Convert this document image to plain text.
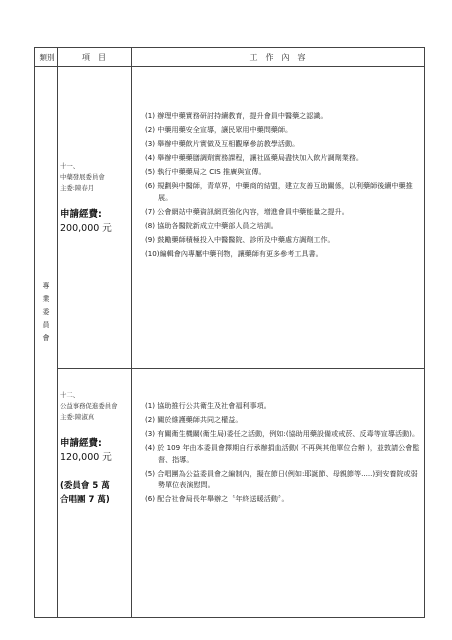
類別	項　目	工　作　內　容
專
業
委
員
會
十一、
中藥發展委員會
主委:陳春月
申請經費:
200,000 元
(1) 辦理中藥實務研討持續教育，提升會員中醫藥之認識。
(2) 中藥用藥安全宣導，讓民眾用中藥問藥師。
(3) 舉辦中藥飲片實做及互相觀摩參訪教學活動。
(4) 舉辦中藥藥膳調劑實務課程，讓社區藥局盡快加入飲片調劑業務。
(5) 執行中藥藥局之 CIS 推廣與宣傳。
(6) 規劃與中醫師，青草界，中藥商的結盟，建立友善互助關係，以利藥師後續中藥推展。
(7) 公會網站中藥資訊網頁強化內容，增進會員中藥能量之提升。
(8) 協助各醫院新成立中藥部人員之培訓。
(9) 鼓勵藥師積極投入中醫醫院、診所及中藥處方調劑工作。
(10)編輯會內專屬中藥刊物，讓藥師有更多參考工具書。
十二、
公益事務促進委員會
主委:陳淑真
申請經費:
120,000 元
(委員會 5 萬
合唱團 7 萬)
(1) 協助推行公共衛生及社會福利事項。
(2) 關於維護藥師共同之權益。
(3) 有關衛生機關(衛生局)委任之活動，例如:(協助用藥設備或戒菸、反毒等宣導活動)。
(4) 於 109 年由本委員會擇期自行承辦捐血活動( 不再與其他單位合辦 )，並敦請公會監督、指導。
(5) 合唱團為公益委員會之編制內，擬在節日(例如:耶誕節、母親節等.....)到安養院或弱勢單位表演慰問。
(6) 配合社會局長年舉辦之〝年終送暖活動〞。
